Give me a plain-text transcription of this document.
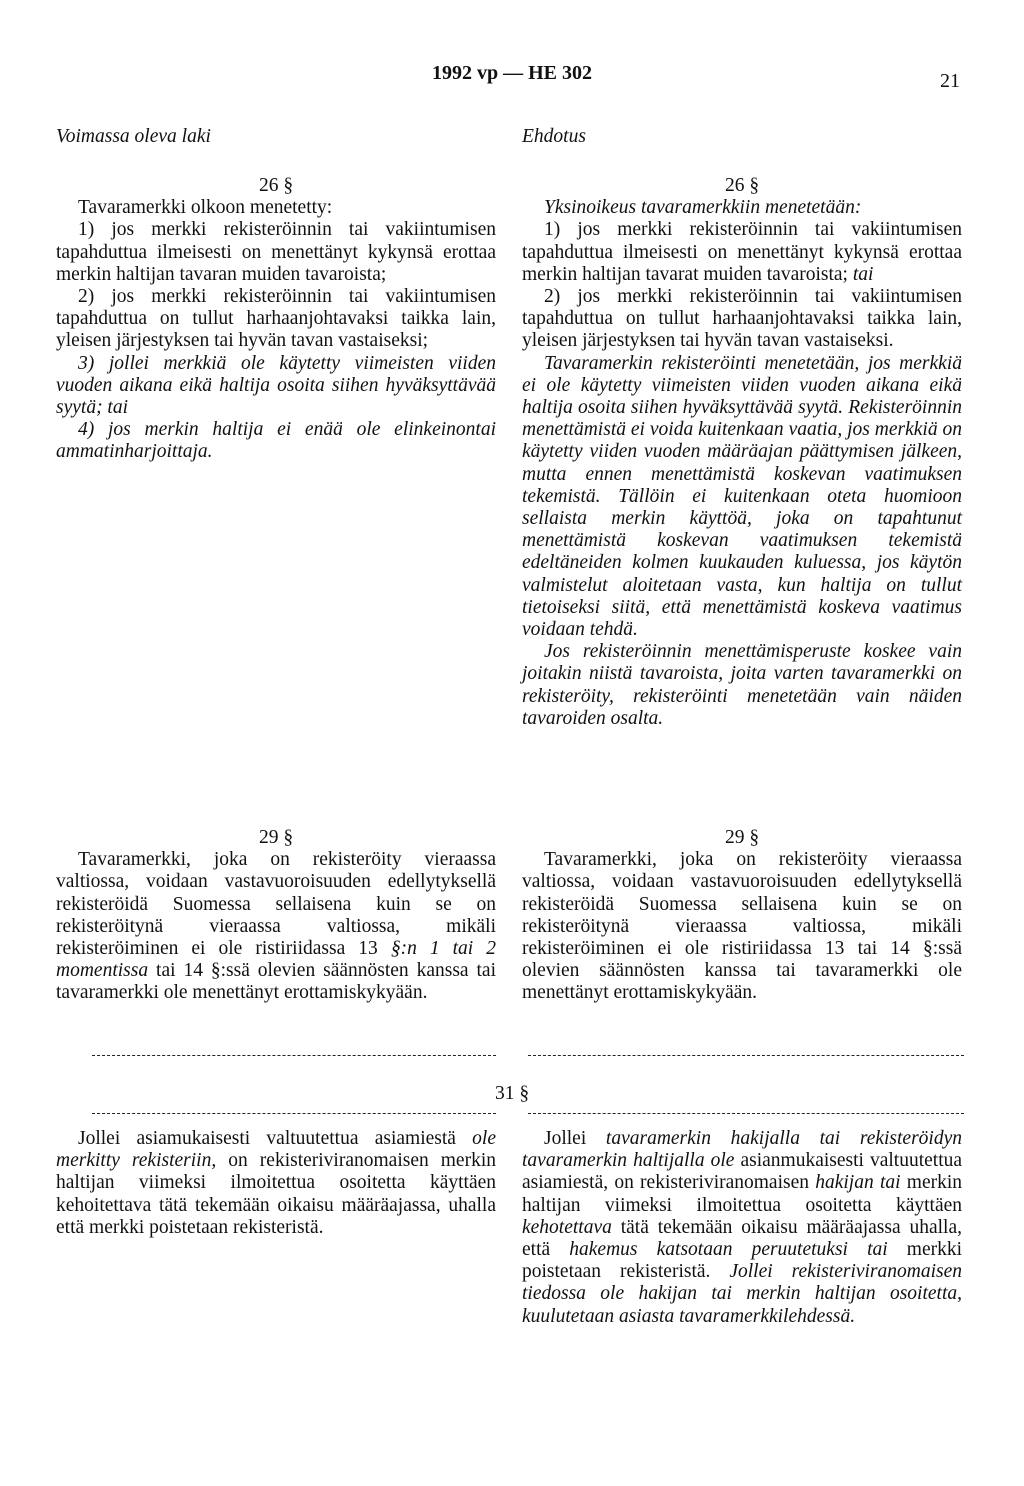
1992 vp — HE 302	21
Voimassa oleva laki	Ehdotus
26 §

Tavaramerkki olkoon menetetty:

1) jos merkki rekisteröinnin tai vakiintumisen tapahduttua ilmeisesti on menettänyt kykynsä erottaa merkin haltijan tavaran muiden tavaroista;

2) jos merkki rekisteröinnin tai vakiintumisen tapahduttua on tullut harhaanjohtavaksi taikka lain, yleisen järjestyksen tai hyvän tavan vastaiseksi;

3) jollei merkkiä ole käytetty viimeisten viiden vuoden aikana eikä haltija osoita siihen hyväksyttävää syytä; tai

4) jos merkin haltija ei enää ole elinkeinontai ammatinharjoittaja.

26 §

Yksinoikeus tavaramerkkiin menetetään:

1) jos merkki rekisteröinnin tai vakiintumisen tapahduttua ilmeisesti on menettänyt kykynsä erottaa merkin haltijan tavarat muiden tavaroista; tai

2) jos merkki rekisteröinnin tai vakiintumisen tapahduttua on tullut harhaanjohtavaksi taikka lain, yleisen järjestyksen tai hyvän tavan vastaiseksi.

Tavaramerkin rekisteröinti menetetään, jos merkkiä ei ole käytetty viimeisten viiden vuoden aikana eikä haltija osoita siihen hyväksyttävää syytä. Rekisteröinnin menettämistä ei voida kuitenkaan vaatia, jos merkkiä on käytetty viiden vuoden määräajan päättymisen jälkeen, mutta ennen menettämistä koskevan vaatimuksen tekemistä. Tällöin ei kuitenkaan oteta huomioon sellaista merkin käyttöä, joka on tapahtunut menettämistä koskevan vaatimuksen tekemistä edeltäneiden kolmen kuukauden kuluessa, jos käytön valmistelut aloitetaan vasta, kun haltija on tullut tietoiseksi siitä, että menettämistä koskeva vaatimus voidaan tehdä.

Jos rekisteröinnin menettämisperuste koskee vain joitakin niistä tavaroista, joita varten tavaramerkki on rekisteröity, rekisteröinti menetetään vain näiden tavaroiden osalta.

29 §

Tavaramerkki, joka on rekisteröity vieraassa valtiossa, voidaan vastavuoroisuuden edellytyksellä rekisteröidä Suomessa sellaisena kuin se on rekisteröitynä vieraassa valtiossa, mikäli rekisteröiminen ei ole ristiriidassa 13 §:n 1 tai 2 momentissa tai 14 §:ssä olevien säännösten kanssa tai tavaramerkki ole menettänyt erottamiskykyään.

29 §

Tavaramerkki, joka on rekisteröity vieraassa valtiossa, voidaan vastavuoroisuuden edellytyksellä rekisteröidä Suomessa sellaisena kuin se on rekisteröitynä vieraassa valtiossa, mikäli rekisteröiminen ei ole ristiriidassa 13 tai 14 §:ssä olevien säännösten kanssa tai tavaramerkki ole menettänyt erottamiskykyään.

31 §

Jollei asiamukaisesti valtuutettua asiamiestä ole merkitty rekisteriin, on rekisteriviranomaisen merkin haltijan viimeksi ilmoitettua osoitetta käyttäen kehoitettava tätä tekemään oikaisu määräajassa, uhalla että merkki poistetaan rekisteristä.

Jollei tavaramerkin hakijalla tai rekisteröidyn tavaramerkin haltijalla ole asianmukaisesti valtuutettua asiamiestä, on rekisteriviranomaisen hakijan tai merkin haltijan viimeksi ilmoitettua osoitetta käyttäen kehotettava tätä tekemään oikaisu määräajassa uhalla, että hakemus katsotaan peruutetuksi tai merkki poistetaan rekisteristä. Jollei rekisteriviranomaisen tiedossa ole hakijan tai merkin haltijan osoitetta, kuulutetaan asiasta tavaramerkkilehdessä.
